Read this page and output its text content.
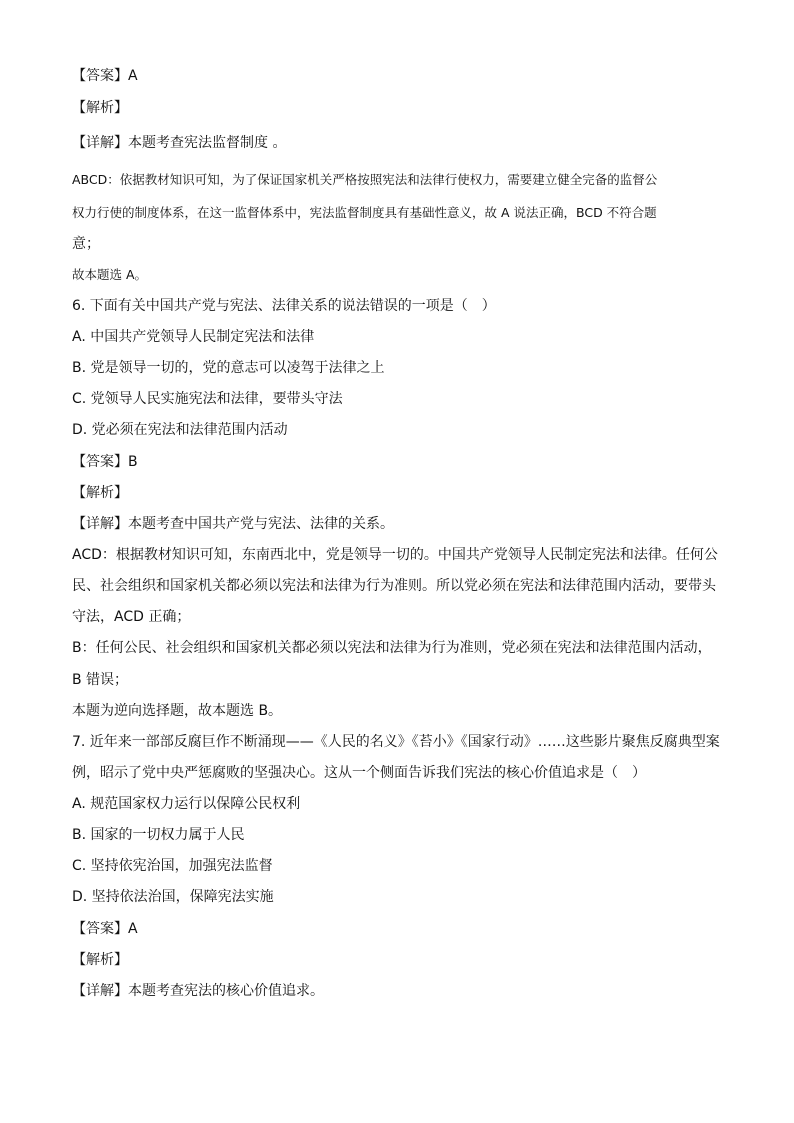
【答案】A
【解析】
【详解】本题考查宪法监督制度 。
ABCD：依据教材知识可知，为了保证国家机关严格按照宪法和法律行使权力，需要建立健全完备的监督公
权力行使的制度体系，在这一监督体系中，宪法监督制度具有基础性意义，故 A 说法正确，BCD 不符合题
意；
故本题选 A。
6. 下面有关中国共产党与宪法、法律关系的说法错误的一项是（　）
A. 中国共产党领导人民制定宪法和法律
B. 党是领导一切的，党的意志可以凌驾于法律之上
C. 党领导人民实施宪法和法律，要带头守法
D. 党必须在宪法和法律范围内活动
【答案】B
【解析】
【详解】本题考查中国共产党与宪法、法律的关系。
ACD：根据教材知识可知，东南西北中，党是领导一切的。中国共产党领导人民制定宪法和法律。任何公
民、社会组织和国家机关都必须以宪法和法律为行为准则。所以党必须在宪法和法律范围内活动，要带头
守法，ACD 正确；
B：任何公民、社会组织和国家机关都必须以宪法和法律为行为准则，党必须在宪法和法律范围内活动，
B 错误；
本题为逆向选择题，故本题选 B。
7. 近年来一部部反腐巨作不断涌现——《人民的名义》《苔小》《国家行动》……这些影片聚焦反腐典型案
例，昭示了党中央严惩腐败的坚强决心。这从一个侧面告诉我们宪法的核心价值追求是（　）
A. 规范国家权力运行以保障公民权利
B. 国家的一切权力属于人民
C. 坚持依宪治国，加强宪法监督
D. 坚持依法治国，保障宪法实施
【答案】A
【解析】
【详解】本题考查宪法的核心价值追求。
